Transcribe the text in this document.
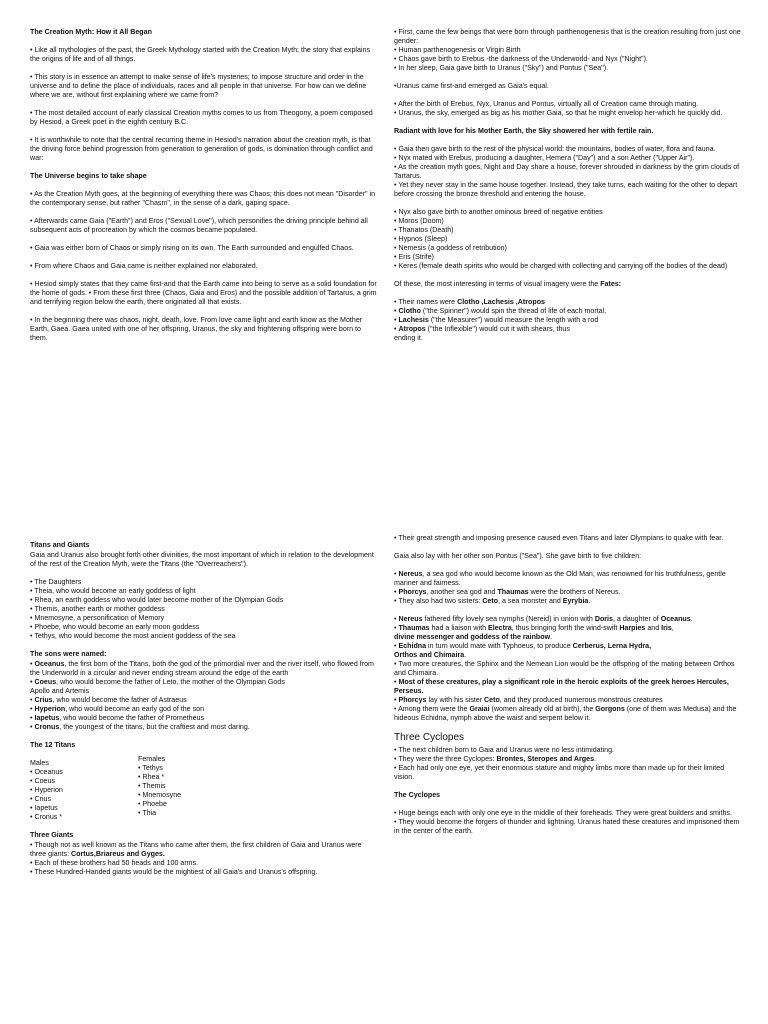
The Creation Myth: How it All Began

• Like all mythologies of the past, the Greek Mythology started with the Creation Myth; the story that explains the origins of life and of all things.

• This story is in essence an attempt to make sense of life's mysteries; to impose structure and order in the universe and to define the place of individuals, races and all people in that universe. For how can we define where we are, without first explaining where we came from?

• The most detailed account of early classical Creation myths comes to us from Theogony, a poem composed by Hesiod, a Greek poet in the eighth century B.C.

• It is worthwhile to note that the central recurring theme in Hesiod's narration about the creation myth, is that the driving force behind progression from generation to generation of gods, is domination through conflict and war:

The Universe begins to take shape

• As the Creation Myth goes, at the beginning of everything there was Chaos; this does not mean "Disorder" in the contemporary sense, but rather "Chasm", in the sense of a dark, gaping space.

• Afterwards came Gaia ("Earth") and Eros ("Sexual Love"), which personifies the driving principle behind all subsequent acts of procreation by which the cosmos became populated.

• Gaia was either born of Chaos or simply rising on its own. The Earth surrounded and engulfed Chaos.

• From where Chaos and Gaia came is neither explained nor elaborated.

• Hesiod simply states that they came first-and that the Earth came into being to serve as a solid foundation for the home of gods. • From these first three (Chaos, Gaia and Eros) and the possible addition of Tartarus, a grim and terrifying region below the earth, there originated all that exists.

• In the beginning there was chaos, night, death, love. From love came light and earth know as the Mother Earth, Gaea. Gaea united with one of her offspring, Uranus, the sky and frightening offspring were born to them.

• First, came the few beings that were born through parthenogenesis that is the creation resulting from just one gender:

• Human parthenogenesis or Virgin Birth
• Chaos gave birth to Erebus -the darkness of the Underworld- and Nyx ("Night").
• In her sleep, Gaia gave birth to Uranus ("Sky") and Pontus ("Sea").

•Uranus came first-and emerged as Gaia's equal.

• After the birth of Erebus, Nyx, Uranus and Pontus, virtually all of Creation came through mating.

• Uranus, the sky, emerged as big as his mother Gaia, so that he might envelop her-which he quickly did.

Radiant with love for his Mother Earth, the Sky showered her with fertile rain.

• Gaia then gave birth to the rest of the physical world: the mountains, bodies of water, flora and fauna.
• Nyx mated with Erebus, producing a daughter, Hemera ("Day") and a son Aether ("Upper Air").
• As the creation myth goes, Night and Day share a house, forever shrouded in darkness by the grim clouds of Tartarus.
• Yet they never stay in the same house together. Instead, they take turns, each waiting for the other to depart before crossing the bronze threshold and entering the house.
• Nyx also gave birth to another ominous breed of negative entities
• Moros (Doom)
• Thanatos (Death)
• Hypnos (Sleep)
• Nemesis (a goddess of retribution)
• Eris (Strife)
• Keres (female death spirits who would be charged with collecting and carrying off the bodies of the dead)

Of these, the most interesting in terms of visual imagery were the Fates:

• Their names were Clotho ,Lachesis ,Atropos
• Clotho ("the Spinner") would spin the thread of life of each mortal,
• Lachesis ("the Measurer") would measure the length with a rod
• Atropos ("the Inflexible") would cut it with shears, thus
ending it.

Titans and Giants

Gaia and Uranus also brought forth other divinities, the most important of which in relation to the development of the rest of the Creation Myth, were the Titans (the "Overreachers").

• The Daughters
• Theia, who would become an early goddess of light
• Rhea, an earth goddess who would later become mother of the Olympian Gods
• Themis, another earth or mother goddess
• Mnemosyne, a personification of Memory
• Phoebe, who would become an early moon goddess
• Tethys, who would become the most ancient goddess of the sea

The sons were named:

• Oceanus, the first born of the Titans, both the god of the primordial river and the river itself, who flowed from the Underworld in a circular and never ending stream around the edge of the earth
• Coeus, who would become the father of Leto, the mother of the Olympian Gods
Apollo and Artemis
• Crius, who would become the father of Astraeus
• Hyperion, who would become an early god of the son
• Iapetus, who would become the father of Prometheus
• Cronus, the youngest of the titans, but the craftiest and most daring.

The 12 Titans

Males
• Oceanus
• Coeus
• Hyperion
• Crius
• Iapetus
• Cronus *
Females
• Tethys
• Rhea *
• Themis
• Mnemosyne
• Phoebe
• Thia

Three Giants

• Though not as well known as the Titans who came after them, the first children of Gaia and Uranus were three giants: Cortus,Briareus and Gyges.
• Each of these brothers had 50 heads and 100 arms.
• These Hundred-Handed giants would be the mightiest of all Gaia's and Uranus's offspring.

• Their great strength and imposing presence caused even Titans and later Olympians to quake with fear.

Gaia also lay with her other son Pontus ("Sea"). She gave birth to five children:

• Nereus, a sea god who would become known as the Old Man, was renowned for his truthfulness, gentle manner and fairness.
• Phorcys, another sea god and Thaumas were the brothers of Nereus.
• They also had two sisters: Ceto, a sea monster and Eyrybia.
• Nereus fathered fifty lovely sea nymphs (Nereid) in union with Doris, a daughter of Oceanus.
• Thaumas had a liaison with Electra, thus bringing forth the wind-swift Harpies and Iris,
divine messenger and goddess of the rainbow.
• Echidna in turn would mate with Typhoeus, to produce Cerberus, Lerna Hydra,
Orthos and Chimaira.
• Two more creatures, the Sphinx and the Nemean Lion would be the offspring of the mating between Orthos and Chimaira.
• Most of these creatures, play a significant role in the heroic exploits of the greek heroes Hercules, Perseus.
• Phorcys lay with his sister Ceto, and they produced numerous monstrous creatures
• Among them were the Graiai (women already old at birth), the Gorgons (one of them was Medusa) and the hideous Echidna, nymph above the waist and serpent below it.

Three Cyclopes

• The next children born to Gaia and Uranus were no less intimidating.
• They were the three Cyclopes: Brontes, Steropes and Arges.
• Each had only one eye, yet their enormous stature and mighty limbs more than made up for their limited vision.

The Cyclopes

• Huge beings each with only one eye in the middle of their foreheads. They were great builders and smiths.
• They would become the forgers of thunder and lightning. Uranus hated these creatures and imprisoned them in the center of the earth.
